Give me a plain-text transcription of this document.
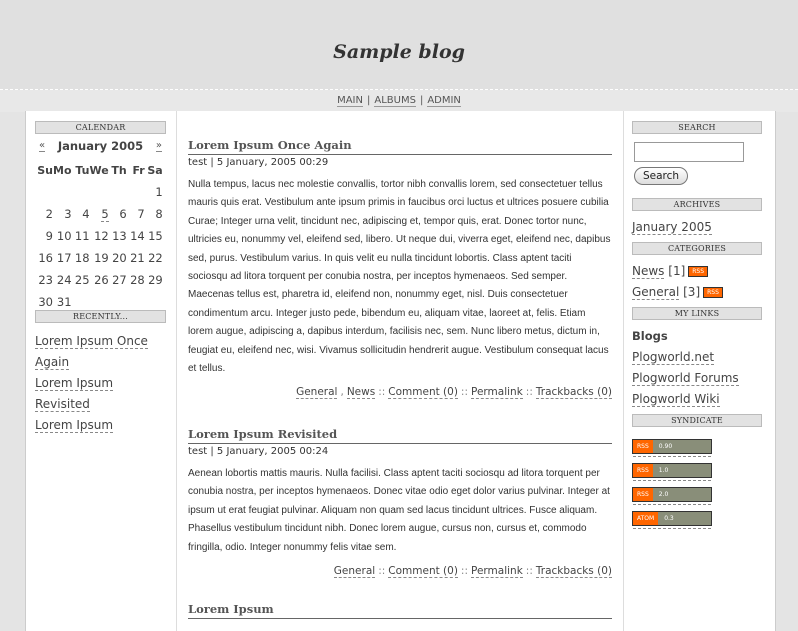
Sample blog
MAIN | ALBUMS | ADMIN
CALENDAR
« January 2005 »
Su	Mo	Tu	We	Th	Fr	Sa
						1
2	3	4	5	6	7	8
9	10	11	12	13	14	15
16	17	18	19	20	21	22
23	24	25	26	27	28	29
30	31					
RECENTLY...
Lorem Ipsum Once Again
Lorem Ipsum Revisited
Lorem Ipsum
Lorem Ipsum Once Again
test | 5 January, 2005 00:29
Nulla tempus, lacus nec molestie convallis, tortor nibh convallis lorem, sed consectetuer tellus mauris quis erat. Vestibulum ante ipsum primis in faucibus orci luctus et ultrices posuere cubilia Curae; Integer urna velit, tincidunt nec, adipiscing et, tempor quis, erat. Donec tortor nunc, ultricies eu, nonummy vel, eleifend sed, libero. Ut neque dui, viverra eget, eleifend nec, dapibus sed, purus. Vestibulum varius. In quis velit eu nulla tincidunt lobortis. Class aptent taciti sociosqu ad litora torquent per conubia nostra, per inceptos hymenaeos. Sed semper. Maecenas tellus est, pharetra id, eleifend non, nonummy eget, nisl. Duis consectetuer condimentum arcu. Integer justo pede, bibendum eu, aliquam vitae, laoreet at, felis. Etiam lorem augue, adipiscing a, dapibus interdum, facilisis nec, sem. Nunc libero metus, dictum in, feugiat eu, eleifend nec, wisi. Vivamus sollicitudin hendrerit augue. Vestibulum consequat lacus et tellus.
General , News :: Comment (0) :: Permalink :: Trackbacks (0)
Lorem Ipsum Revisited
test | 5 January, 2005 00:24
Aenean lobortis mattis mauris. Nulla facilisi. Class aptent taciti sociosqu ad litora torquent per conubia nostra, per inceptos hymenaeos. Donec vitae odio eget dolor varius pulvinar. Integer at ipsum ut erat feugiat pulvinar. Aliquam non quam sed lacus tincidunt ultrices. Fusce aliquam. Phasellus vestibulum tincidunt nibh. Donec lorem augue, cursus non, cursus et, commodo fringilla, odio. Integer nonummy felis vitae sem.
General :: Comment (0) :: Permalink :: Trackbacks (0)
Lorem Ipsum
SEARCH
Search
ARCHIVES
January 2005
CATEGORIES
News [1] RSS
General [3] RSS
MY LINKS
Blogs
Plogworld.net
Plogworld Forums
Plogworld Wiki
SYNDICATE
RSS	0.90
RSS	1.0
RSS	2.0
ATOM	0.3
